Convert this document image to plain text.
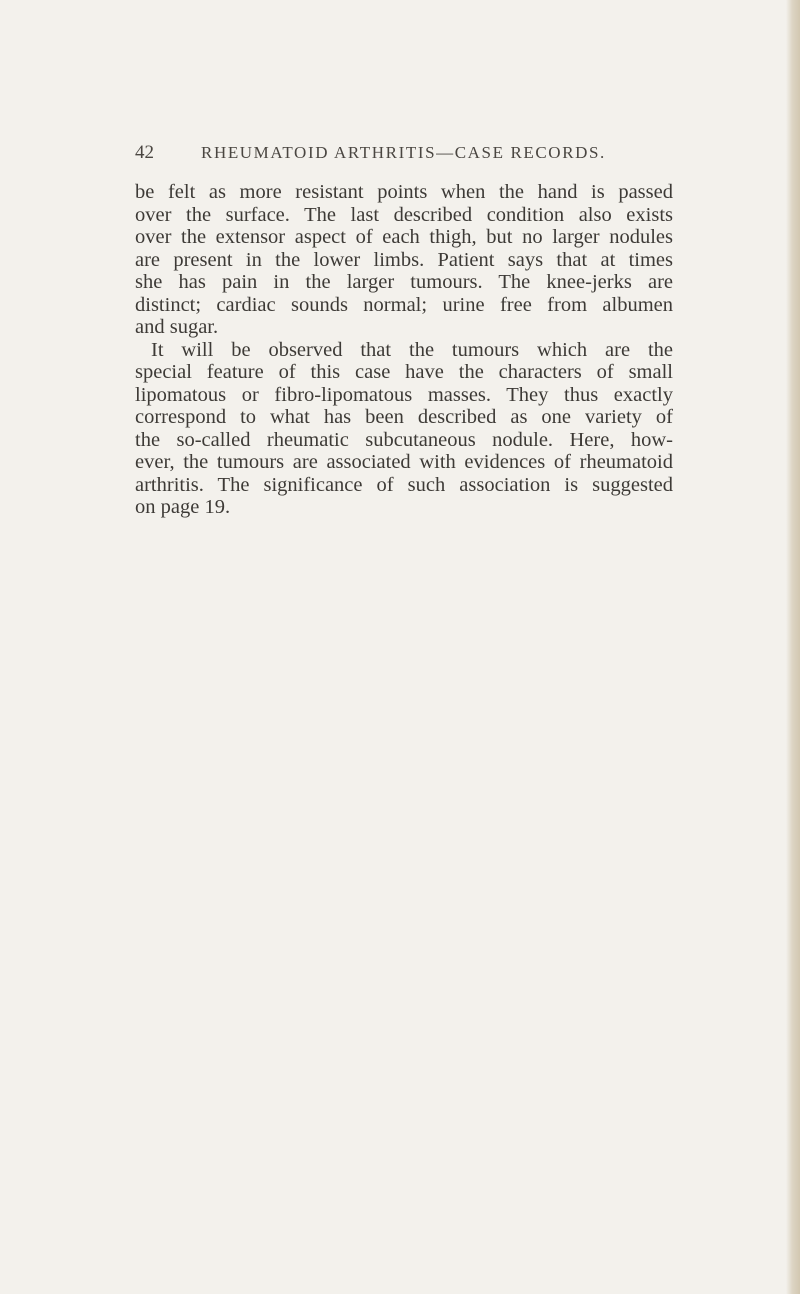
42	RHEUMATOID ARTHRITIS—CASE RECORDS.
be felt as more resistant points when the hand is passed
over the surface. The last described condition also exists
over the extensor aspect of each thigh, but no larger nodules
are present in the lower limbs. Patient says that at times
she has pain in the larger tumours. The knee-jerks are
distinct; cardiac sounds normal; urine free from albumen
and sugar.
It will be observed that the tumours which are the
special feature of this case have the characters of small
lipomatous or fibro-lipomatous masses. They thus exactly
correspond to what has been described as one variety of
the so-called rheumatic subcutaneous nodule. Here, how-
ever, the tumours are associated with evidences of rheumatoid
arthritis. The significance of such association is suggested
on page 19.
